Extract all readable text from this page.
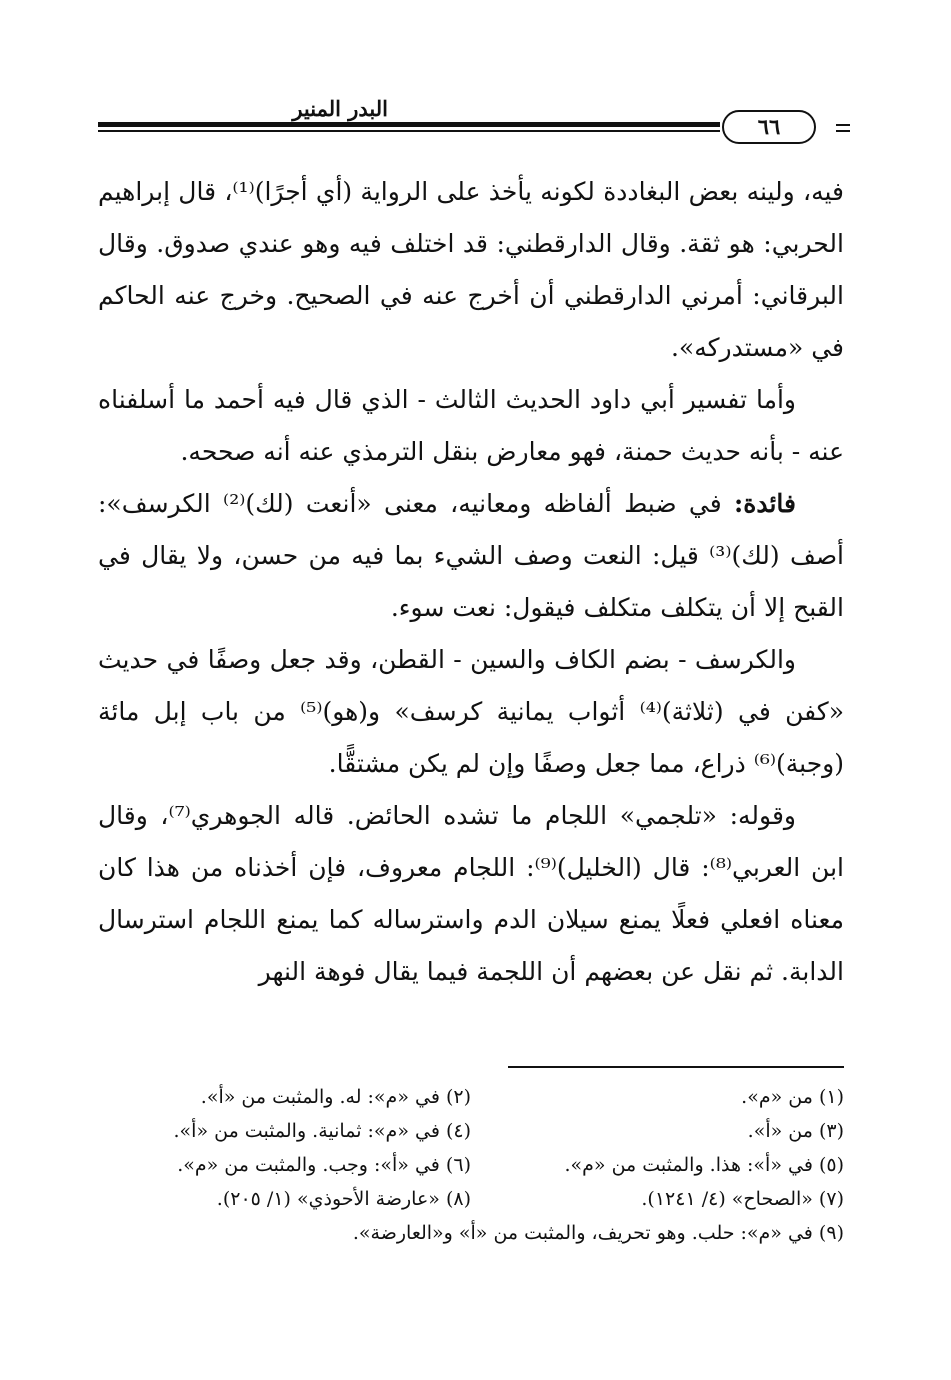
البدر المنير
٦٦

فيه، ولينه بعض البغاددة لكونه يأخذ على الرواية (أي أجرًا)⁽¹⁾، قال إبراهيم الحربي: هو ثقة. وقال الدارقطني: قد اختلف فيه وهو عندي صدوق. وقال البرقاني: أمرني الدارقطني أن أخرج عنه في الصحيح. وخرج عنه الحاكم في «مستدركه».

وأما تفسير أبي داود الحديث الثالث - الذي قال فيه أحمد ما أسلفناه عنه - بأنه حديث حمنة، فهو معارض بنقل الترمذي عنه أنه صححه.

فائدة: في ضبط ألفاظه ومعانيه، معنى «أنعت (لك)⁽²⁾ الكرسف»: أصف (لك)⁽³⁾ قيل: النعت وصف الشيء بما فيه من حسن، ولا يقال في القبح إلا أن يتكلف متكلف فيقول: نعت سوء.

والكرسف - بضم الكاف والسين - القطن، وقد جعل وصفًا في حديث «كفن في (ثلاثة)⁽⁴⁾ أثواب يمانية كرسف» و(هو)⁽⁵⁾ من باب إبل مائة (وجبة)⁽⁶⁾ ذراع، مما جعل وصفًا وإن لم يكن مشتقًّا.

وقوله: «تلجمي» اللجام ما تشده الحائض. قاله الجوهري⁽⁷⁾، وقال ابن العربي⁽⁸⁾: قال (الخليل)⁽⁹⁾: اللجام معروف، فإن أخذناه من هذا كان معناه افعلي فعلًا يمنع سيلان الدم واسترساله كما يمنع اللجام استرسال الدابة. ثم نقل عن بعضهم أن اللجمة فيما يقال فوهة النهر

(١) من «م».
(٢) في «م»: له. والمثبت من «أ».
(٣) من «أ».
(٤) في «م»: ثمانية. والمثبت من «أ».
(٥) في «أ»: هذا. والمثبت من «م».
(٦) في «أ»: وجب. والمثبت من «م».
(٧) «الصحاح» (٤/ ١٢٤١).
(٨) «عارضة الأحوذي» (١/ ٢٠٥).
(٩) في «م»: حلب. وهو تحريف، والمثبت من «أ» و«العارضة».
